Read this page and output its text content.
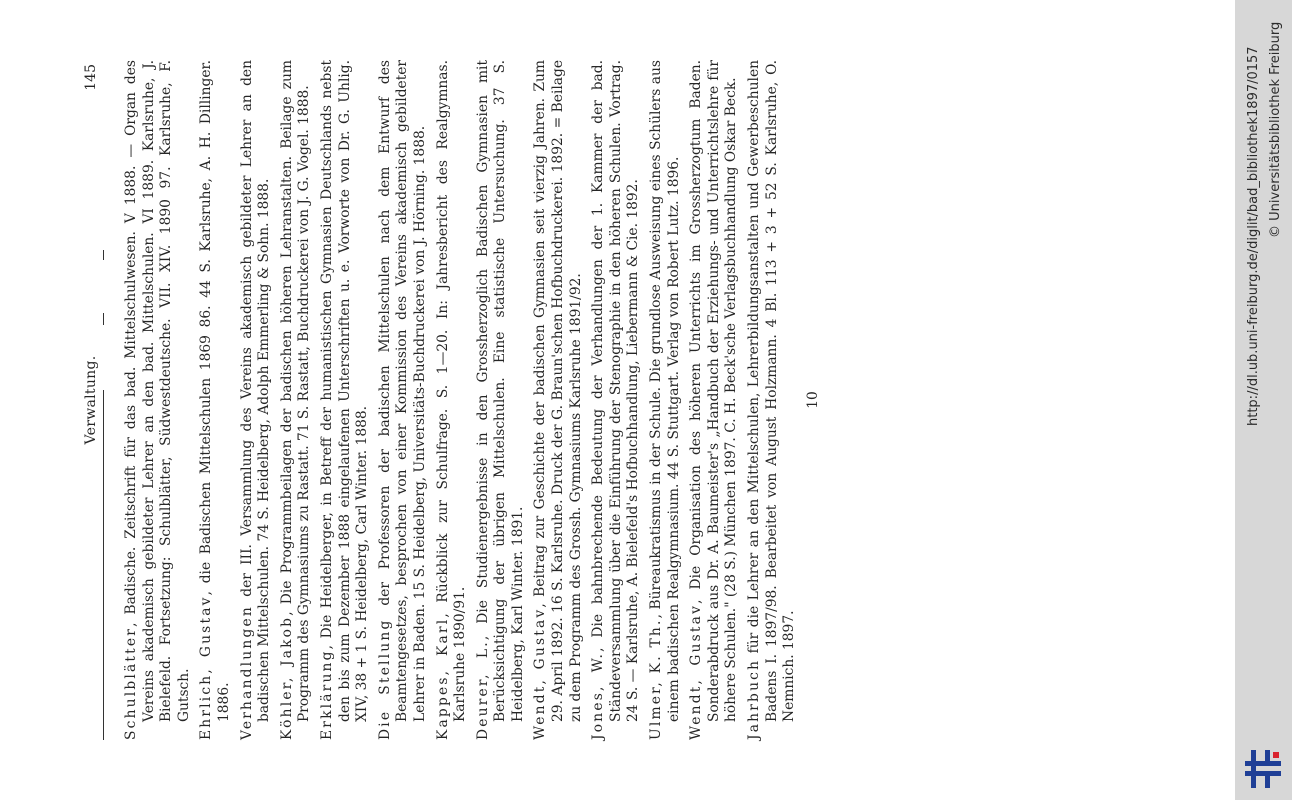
Verwaltung.
145
Schulblätter, Badische. Zeitschrift für das bad. Mittelschulwesen. V 1888. — Organ des Vereins akademisch gebildeter Lehrer an den bad. Mittelschulen. VI 1889. Karlsruhe, J. Bielefeld. Fortsetzung: Schulblätter, Südwestdeutsche. VII. XIV. 1890 97. Karlsruhe, F. Gutsch. Ehrlich, Gustav, die Badischen Mittelschulen 1869 86. 44 S. Karlsruhe, A. H. Dillinger. 1886. Verhandlungen der III. Versammlung des Vereins akademisch gebildeter Lehrer an den badischen Mittelschulen. 74 S. Heidelberg, Adolph Emmerling & Sohn. 1888. Köhler, Jakob, Die Programmbeilagen der badischen höheren Lehranstalten. Beilage zum Programm des Gymnasiums zu Rastatt. 71 S. Rastatt, Buchdruckerei von J. G. Vogel. 1888. Erklärung, Die Heidelberger, in Betreff der humanistischen Gymnasien Deutschlands nebst den bis zum Dezember 1888 eingelaufenen Unterschriften u. e. Vorworte von Dr. G. Uhlig. XIV, 38 + 1 S. Heidelberg, Carl Winter. 1888. Die Stellung der Professoren der badischen Mittelschulen nach dem Entwurf des Beamtengesetzes, besprochen von einer Kommission des Vereins akademisch gebildeter Lehrer in Baden. 15 S. Heidelberg, Universitäts-Buchdruckerei von J. Hörning. 1888. Kappes, Karl, Rückblick zur Schulfrage. S. 1—20. In: Jahresbericht des Realgymnas. Karlsruhe 1890/91. Deurer, L., Die Studienergebnisse in den Grossherzoglich Badischen Gymnasien mit Berücksichtigung der übrigen Mittelschulen. Eine statistische Untersuchung. 37 S. Heidelberg, Karl Winter. 1891. Wendt, Gustav, Beitrag zur Geschichte der badischen Gymnasien seit vierzig Jahren. Zum 29. April 1892. 16 S. Karlsruhe. Druck der G. Braun'schen Hofbuchdruckerei. 1892. = Beilage zu dem Programm des Grossh. Gymnasiums Karlsruhe 1891/92. Jones, W., Die bahnbrechende Bedeutung der Verhandlungen der 1. Kammer der bad. Ständeversammlung über die Einführung der Stenographie in den höheren Schulen. Vortrag. 24 S. — Karlsruhe, A. Bielefeld's Hofbuchhandlung, Liebermann & Cie. 1892. Ulmer, K. Th., Büreaukratismus in der Schule. Die grundlose Ausweisung eines Schülers aus einem badischen Realgymnasium. 44 S. Stuttgart. Verlag von Robert Lutz. 1896. Wendt, Gustav, Die Organisation des höheren Unterrichts im Grossherzogtum Baden. Sonderabdruck aus Dr. A. Baumeister's „Handbuch der Erziehungs- und Unterrichtslehre für höhere Schulen." (28 S.) München 1897. C. H. Beck'sche Verlagsbuchhandlung Oskar Beck. Jahrbuch für die Lehrer an den Mittelschulen, Lehrerbildungsanstalten und Gewerbeschulen Badens I. 1897/98. Bearbeitet von August Holzmann. 4 Bl. 113 + 3 + 52 S. Karlsruhe, O. Nemnich. 1897.
10	http://dl.ub.uni-freiburg.de/diglit/bad_bibliothek1897/0157 © Universitätsbibliothek Freiburg
